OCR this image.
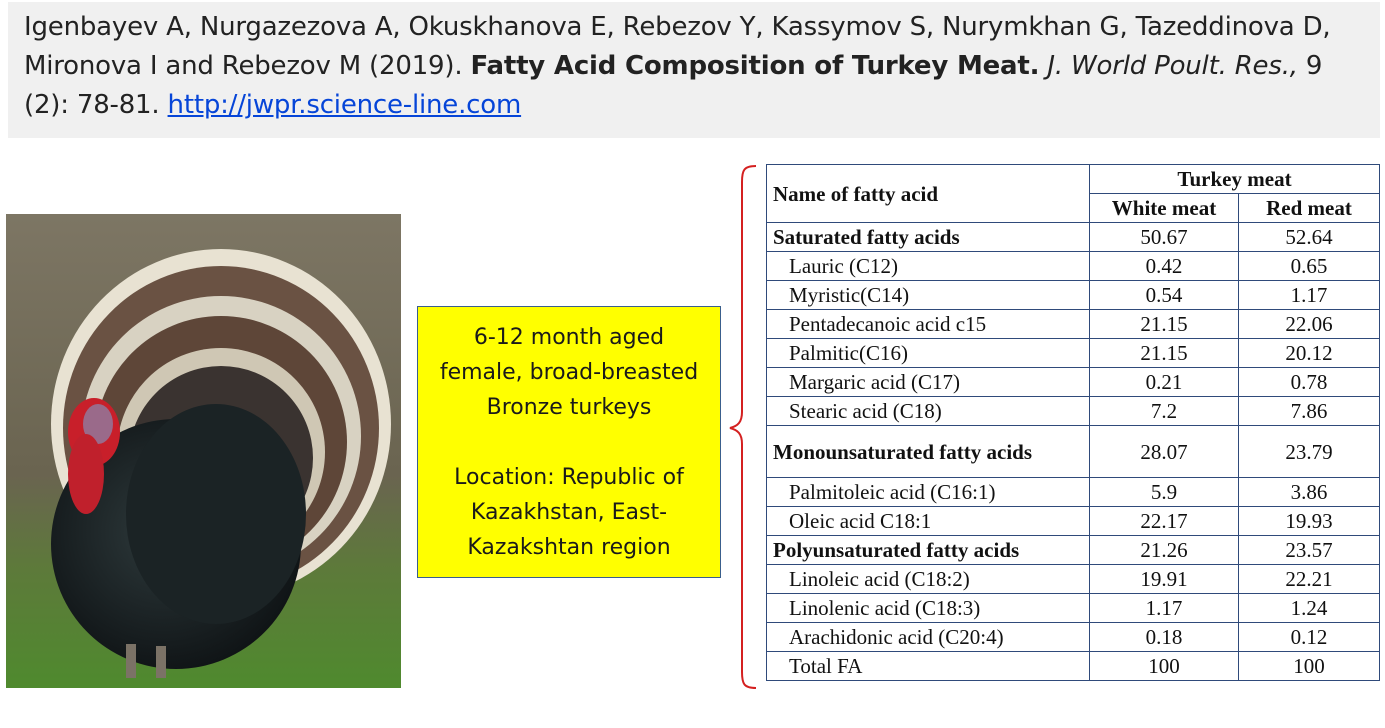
Igenbayev A, Nurgazezova A, Okuskhanova E, Rebezov Y, Kassymov S, Nurymkhan G, Tazeddinova D, Mironova I and Rebezov M (2019). Fatty Acid Composition of Turkey Meat. J. World Poult. Res., 9 (2): 78-81. http://jwpr.science-line.com
6-12 month aged
female, broad-breasted
Bronze turkeys
Location: Republic of
Kazakhstan, East-
Kazakshtan region
Name of fatty acid	Turkey meat	
	White meat	Red meat
Saturated fatty acids	50.67	52.64
Lauric (C12)	0.42	0.65
Myristic(C14)	0.54	1.17
Pentadecanoic acid c15	21.15	22.06
Palmitic(C16)	21.15	20.12
Margaric acid (C17)	0.21	0.78
Stearic acid (C18)	7.2	7.86
Monounsaturated fatty acids	28.07	23.79
Palmitoleic acid (C16:1)	5.9	3.86
Oleic acid C18:1	22.17	19.93
Polyunsaturated fatty acids	21.26	23.57
Linoleic acid (C18:2)	19.91	22.21
Linolenic acid (C18:3)	1.17	1.24
Arachidonic acid (C20:4)	0.18	0.12
Total FA	100	100
